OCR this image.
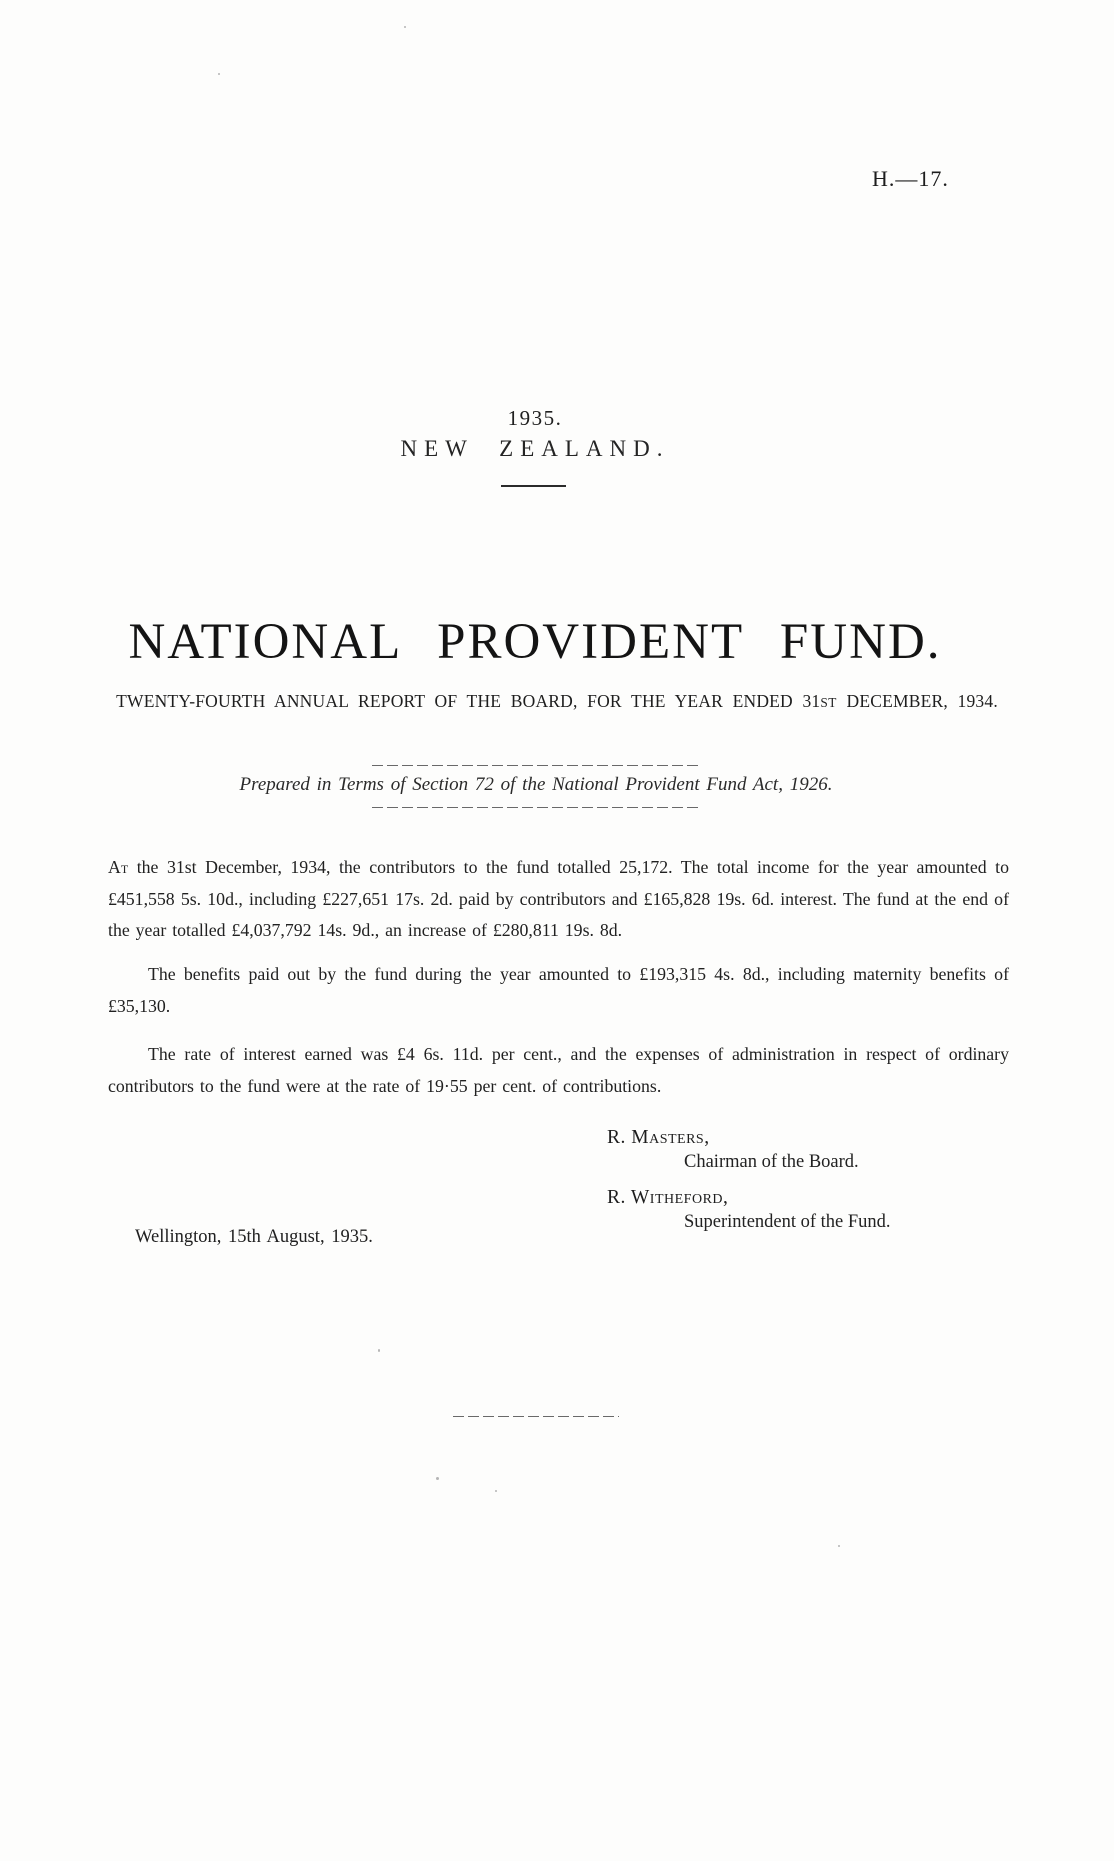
H.—17.
1935.
NEW ZEALAND.
NATIONAL PROVIDENT FUND.
TWENTY-FOURTH ANNUAL REPORT OF THE BOARD, FOR THE YEAR ENDED 31ST DECEMBER, 1934.
Prepared in Terms of Section 72 of the National Provident Fund Act, 1926.

At the 31st December, 1934, the contributors to the fund totalled 25,172. The total income for the year amounted to £451,558 5s. 10d., including £227,651 17s. 2d. paid by contributors and £165,828 19s. 6d. interest. The fund at the end of the year totalled £4,037,792 14s. 9d., an increase of £280,811 19s. 8d.

The benefits paid out by the fund during the year amounted to £193,315 4s. 8d., including maternity benefits of £35,130.

The rate of interest earned was £4 6s. 11d. per cent., and the expenses of administration in respect of ordinary contributors to the fund were at the rate of 19·55 per cent. of contributions.

R. Masters,
Chairman of the Board.
R. Witheford,
Superintendent of the Fund.
Wellington, 15th August, 1935.
